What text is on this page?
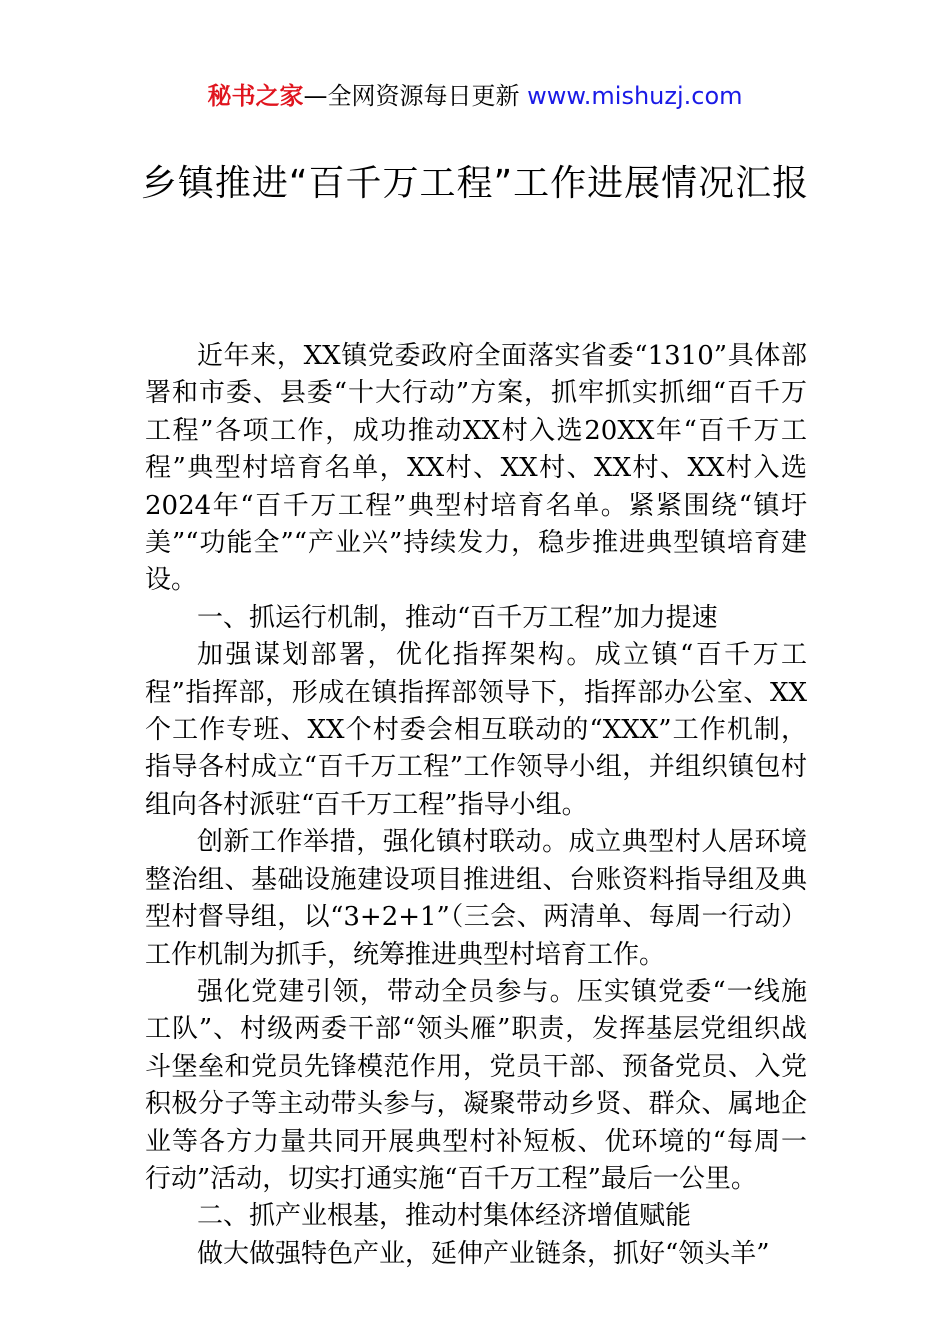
秘书之家—全网资源每日更新 www.mishuzj.com
乡镇推进“百千万工程”工作进展情况汇报

近年来，XX镇党委政府全面落实省委“1310”具体部署和市委、县委“十大行动”方案，抓牢抓实抓细“百千万工程”各项工作，成功推动XX村入选20XX年“百千万工程”典型村培育名单，XX村、XX村、XX村、XX村入选2024年“百千万工程”典型村培育名单。紧紧围绕“镇圩美”“功能全”“产业兴”持续发力，稳步推进典型镇培育建设。

一、抓运行机制，推动“百千万工程”加力提速

加强谋划部署，优化指挥架构。成立镇“百千万工程”指挥部，形成在镇指挥部领导下，指挥部办公室、XX个工作专班、XX个村委会相互联动的“XXX”工作机制，指导各村成立“百千万工程”工作领导小组，并组织镇包村组向各村派驻“百千万工程”指导小组。

创新工作举措，强化镇村联动。成立典型村人居环境整治组、基础设施建设项目推进组、台账资料指导组及典型村督导组，以“3+2+1”（三会、两清单、每周一行动）工作机制为抓手，统筹推进典型村培育工作。

强化党建引领，带动全员参与。压实镇党委“一线施工队”、村级两委干部“领头雁”职责，发挥基层党组织战斗堡垒和党员先锋模范作用，党员干部、预备党员、入党积极分子等主动带头参与，凝聚带动乡贤、群众、属地企业等各方力量共同开展典型村补短板、优环境的“每周一行动”活动，切实打通实施“百千万工程”最后一公里。

二、抓产业根基，推动村集体经济增值赋能

做大做强特色产业，延伸产业链条，抓好“领头羊”
